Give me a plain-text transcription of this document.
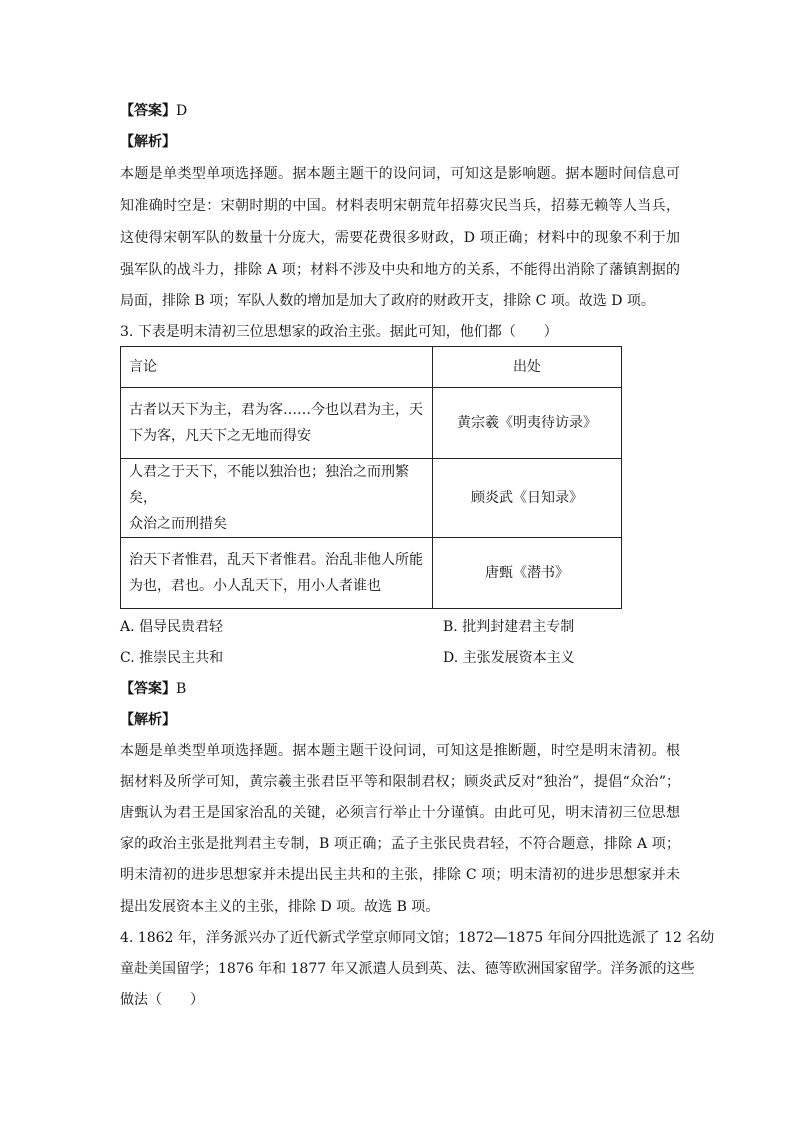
【答案】D
【解析】
本题是单类型单项选择题。据本题主题干的设问词，可知这是影响题。据本题时间信息可
知准确时空是：宋朝时期的中国。材料表明宋朝荒年招募灾民当兵，招募无赖等人当兵，
这使得宋朝军队的数量十分庞大，需要花费很多财政，D 项正确；材料中的现象不利于加
强军队的战斗力，排除 A 项；材料不涉及中央和地方的关系，不能得出消除了藩镇割据的
局面，排除 B 项；军队人数的增加是加大了政府的财政开支，排除 C 项。故选 D 项。
3. 下表是明末清初三位思想家的政治主张。据此可知，他们都（　　）
言论	出处

古者以天下为主，君为客……今也以君为主，天
下为客，凡天下之无地而得安	黄宗羲《明夷待访录》

人君之于天下，不能以独治也；独治之而刑繁矣，
众治之而刑措矣	顾炎武《日知录》

治天下者惟君，乱天下者惟君。治乱非他人所能
为也，君也。小人乱天下，用小人者谁也	唐甄《潜书》
A. 倡导民贵君轻	B. 批判封建君主专制
C. 推崇民主共和	D. 主张发展资本主义
【答案】B
【解析】
本题是单类型单项选择题。据本题主题干设问词，可知这是推断题，时空是明末清初。根
据材料及所学可知，黄宗羲主张君臣平等和限制君权；顾炎武反对“独治”，提倡“众治”；
唐甄认为君王是国家治乱的关键，必须言行举止十分谨慎。由此可见，明末清初三位思想
家的政治主张是批判君主专制，B 项正确；孟子主张民贵君轻，不符合题意，排除 A 项；
明末清初的进步思想家并未提出民主共和的主张，排除 C 项；明末清初的进步思想家并未
提出发展资本主义的主张，排除 D 项。故选 B 项。
4. 1862 年，洋务派兴办了近代新式学堂京师同文馆；1872—1875 年间分四批选派了 12 名幼
童赴美国留学；1876 年和 1877 年又派遣人员到英、法、德等欧洲国家留学。洋务派的这些
做法（　　）
